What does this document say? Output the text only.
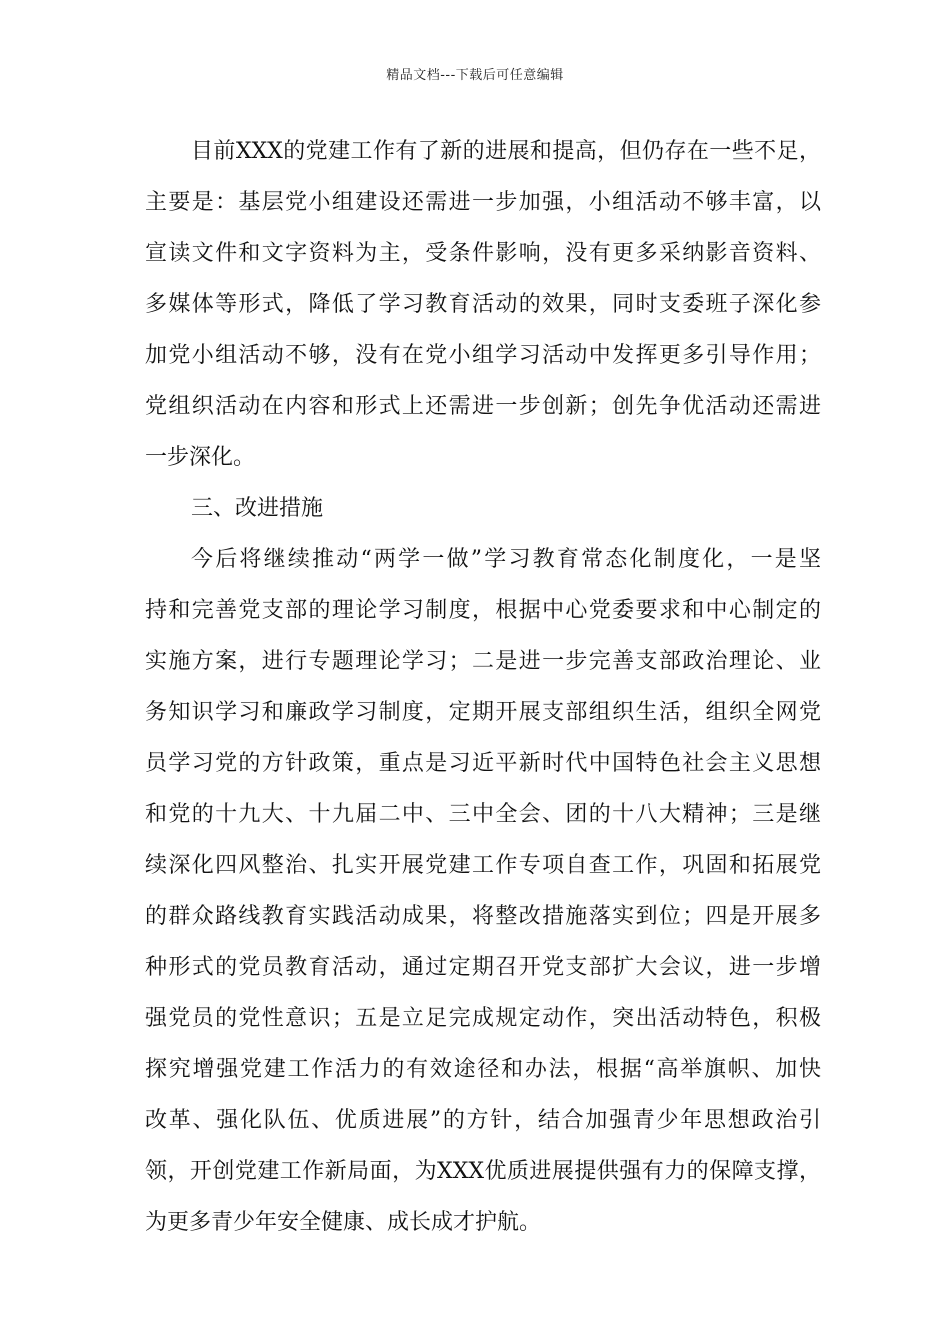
精品文档---下载后可任意编辑
目前XXX的党建工作有了新的进展和提高，但仍存在一些不足，
主要是：基层党小组建设还需进一步加强，小组活动不够丰富，以
宣读文件和文字资料为主，受条件影响，没有更多采纳影音资料、
多媒体等形式，降低了学习教育活动的效果，同时支委班子深化参
加党小组活动不够，没有在党小组学习活动中发挥更多引导作用；
党组织活动在内容和形式上还需进一步创新；创先争优活动还需进
一步深化。
三、改进措施
今后将继续推动“两学一做”学习教育常态化制度化，一是坚
持和完善党支部的理论学习制度，根据中心党委要求和中心制定的
实施方案，进行专题理论学习；二是进一步完善支部政治理论、业
务知识学习和廉政学习制度，定期开展支部组织生活，组织全网党
员学习党的方针政策，重点是习近平新时代中国特色社会主义思想
和党的十九大、十九届二中、三中全会、团的十八大精神；三是继
续深化四风整治、扎实开展党建工作专项自查工作，巩固和拓展党
的群众路线教育实践活动成果，将整改措施落实到位；四是开展多
种形式的党员教育活动，通过定期召开党支部扩大会议，进一步增
强党员的党性意识；五是立足完成规定动作，突出活动特色，积极
探究增强党建工作活力的有效途径和办法，根据“高举旗帜、加快
改革、强化队伍、优质进展”的方针，结合加强青少年思想政治引
领，开创党建工作新局面，为XXX优质进展提供强有力的保障支撑，
为更多青少年安全健康、成长成才护航。
